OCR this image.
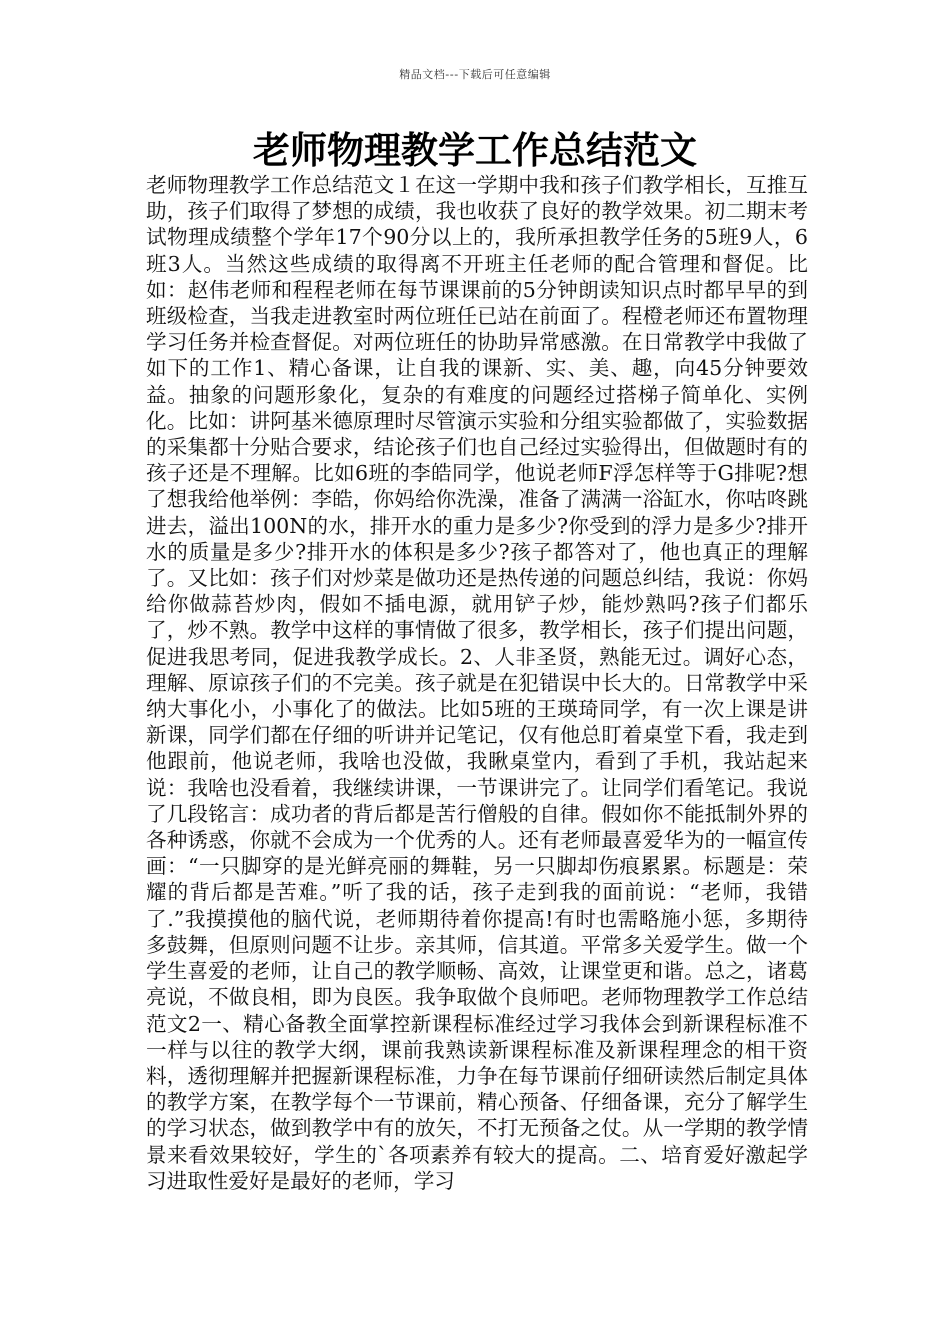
精品文档---下载后可任意编辑
老师物理教学工作总结范文

老师物理教学工作总结范文１在这一学期中我和孩子们教学相长，互推互助，孩子们取得了梦想的成绩，我也收获了良好的教学效果。初二期末考试物理成绩整个学年17个90分以上的，我所承担教学任务的5班9人，6班3人。当然这些成绩的取得离不开班主任老师的配合管理和督促。比如：赵伟老师和程程老师在每节课课前的5分钟朗读知识点时都早早的到班级检查，当我走进教室时两位班任已站在前面了。程橙老师还布置物理学习任务并检查督促。对两位班任的协助异常感激。在日常教学中我做了如下的工作1、精心备课，让自我的课新、实、美、趣，向45分钟要效益。抽象的问题形象化，复杂的有难度的问题经过搭梯子简单化、实例化。比如：讲阿基米德原理时尽管演示实验和分组实验都做了，实验数据的采集都十分贴合要求，结论孩子们也自己经过实验得出，但做题时有的孩子还是不理解。比如6班的李皓同学，他说老师F浮怎样等于G排呢?想了想我给他举例：李皓，你妈给你洗澡，准备了满满一浴缸水，你咕咚跳进去，溢出100N的水，排开水的重力是多少?你受到的浮力是多少?排开水的质量是多少?排开水的体积是多少?孩子都答对了，他也真正的理解了。又比如：孩子们对炒菜是做功还是热传递的问题总纠结，我说：你妈给你做蒜苔炒肉，假如不插电源，就用铲子炒，能炒熟吗?孩子们都乐了，炒不熟。教学中这样的事情做了很多，教学相长，孩子们提出问题，促进我思考同，促进我教学成长。2、人非圣贤，熟能无过。调好心态，理解、原谅孩子们的不完美。孩子就是在犯错误中长大的。日常教学中采纳大事化小，小事化了的做法。比如5班的王瑛琦同学，有一次上课是讲新课，同学们都在仔细的听讲并记笔记，仅有他总盯着桌堂下看，我走到他跟前，他说老师，我啥也没做，我瞅桌堂内，看到了手机，我站起来说：我啥也没看着，我继续讲课，一节课讲完了。让同学们看笔记。我说了几段铭言：成功者的背后都是苦行僧般的自律。假如你不能抵制外界的各种诱惑，你就不会成为一个优秀的人。还有老师最喜爱华为的一幅宣传画：“一只脚穿的是光鲜亮丽的舞鞋，另一只脚却伤痕累累。标题是：荣耀的背后都是苦难。”听了我的话，孩子走到我的面前说：“老师，我错了.”我摸摸他的脑代说，老师期待着你提高!有时也需略施小惩，多期待多鼓舞，但原则问题不让步。亲其师，信其道。平常多关爱学生。做一个学生喜爱的老师，让自己的教学顺畅、高效，让课堂更和谐。总之，诸葛亮说，不做良相，即为良医。我争取做个良师吧。老师物理教学工作总结范文2一、精心备教全面掌控新课程标准经过学习我体会到新课程标准不一样与以往的教学大纲，课前我熟读新课程标准及新课程理念的相干资料，透彻理解并把握新课程标准，力争在每节课前仔细研读然后制定具体的教学方案，在教学每个一节课前，精心预备、仔细备课，充分了解学生的学习状态，做到教学中有的放矢，不打无预备之仗。从一学期的教学情景来看效果较好，学生的`各项素养有较大的提高。二、培育爱好激起学习进取性爱好是最好的老师，学习
